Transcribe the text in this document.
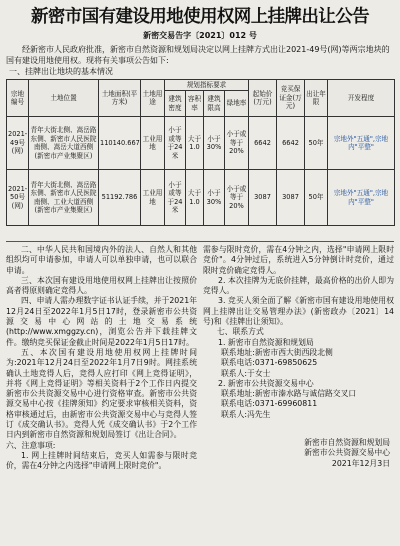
新密市国有建设用地使用权网上挂牌出让公告
新密交易告字〔2021〕012 号
经新密市人民政府批准，新密市自然资源和规划局决定以网上挂牌方式出让2021-49号(网)等两宗地块的国有建设用地使用权。现将有关事项公告如下:
一、挂牌出让地块的基本情况
宗地编号	土地位置	土地面积(平方米)	土地用途	规划指标要求				起始价(万元)	竞买保证金(万元)	出让年限	开发程度
				建筑密度	容积率	建筑限高	绿地率				
2021-49号(网)	青年大街北侧、嵩岳路东侧、新密市人民医院南侧、嵩岳大道西侧(新密市产业集聚区)	110140.667	工业用地	小于或等于24米	大于1.0	小于30%	小于或等于20%	6642	6642	50年	宗地外"五通",宗地内"平整"
2021-50号(网)	青年大街北侧、嵩岳路东侧、新密市人民医院南侧、工业大道西侧(新密市产业集聚区)	51192.786	工业用地	小于或等于24米	大于1.0	小于30%	小于或等于20%	3087	3087	50年	宗地外"五通",宗地内"平整"

二、中华人民共和国境内外的法人、自然人和其他组织均可申请参加，申请人可以单独申请，也可以联合申请。

三、本次国有建设用地使用权网上挂牌出让按照价高者得原则确定竞得人。

四、申请人需办理数字证书认证手续，并于2021年12月24日至2022年1月5日17时，登录新密市公共资源交易中心网站的土地交易系统(http://www.xmggzy.cn)，浏览公告并下载挂牌文件。缴纳竞买保证金截止时间是2022年1月5日17时。

五、本次国有建设用地使用权网上挂牌时间为:2021年12月24日至2022年1月7日9时。网挂系统确认土地竞得人后，竞得人应打印《网上竞得证明》，并将《网上竞得证明》等相关资料于2个工作日内提交新密市公共资源交易中心进行资格审查。新密市公共资源交易中心按《挂牌须知》约定要求审核相关资料，资格审核通过后，由新密市公共资源交易中心与竞得人签订《成交确认书》。竞得人凭《成交确认书》于2个工作日内到新密市自然资源和规划局签订《出让合同》。

六、注意事项:

1. 网上挂牌时间结束后，竞买人如需参与限时竞价，需在4分钟之内选择"申请网上限时竞价"。

需参与限时竞价，需在4分钟之内，选择"申请网上限时竞价"。4分钟过后，系统进入5分钟倒计时竞价，通过限时竞价确定竞得人。

2. 本次挂牌为无底价挂牌，最高价格的出价人即为竞得人。

3. 竞买人须全面了解《新密市国有建设用地使用权网上挂牌出让交易管理办法》(新密政办〔2021〕14号)和《挂牌出让须知》。

七、联系方式

1. 新密市自然资源和规划局

联系地址:新密市西大街西段北侧

联系电话:0371-69850625

联系人:于女士

2. 新密市公共资源交易中心

联系地址:新密市溱水路与诚信路交叉口

联系电话:0371-69960811

联系人:冯先生

新密市自然资源和规划局

新密市公共资源交易中心

2021年12月3日
